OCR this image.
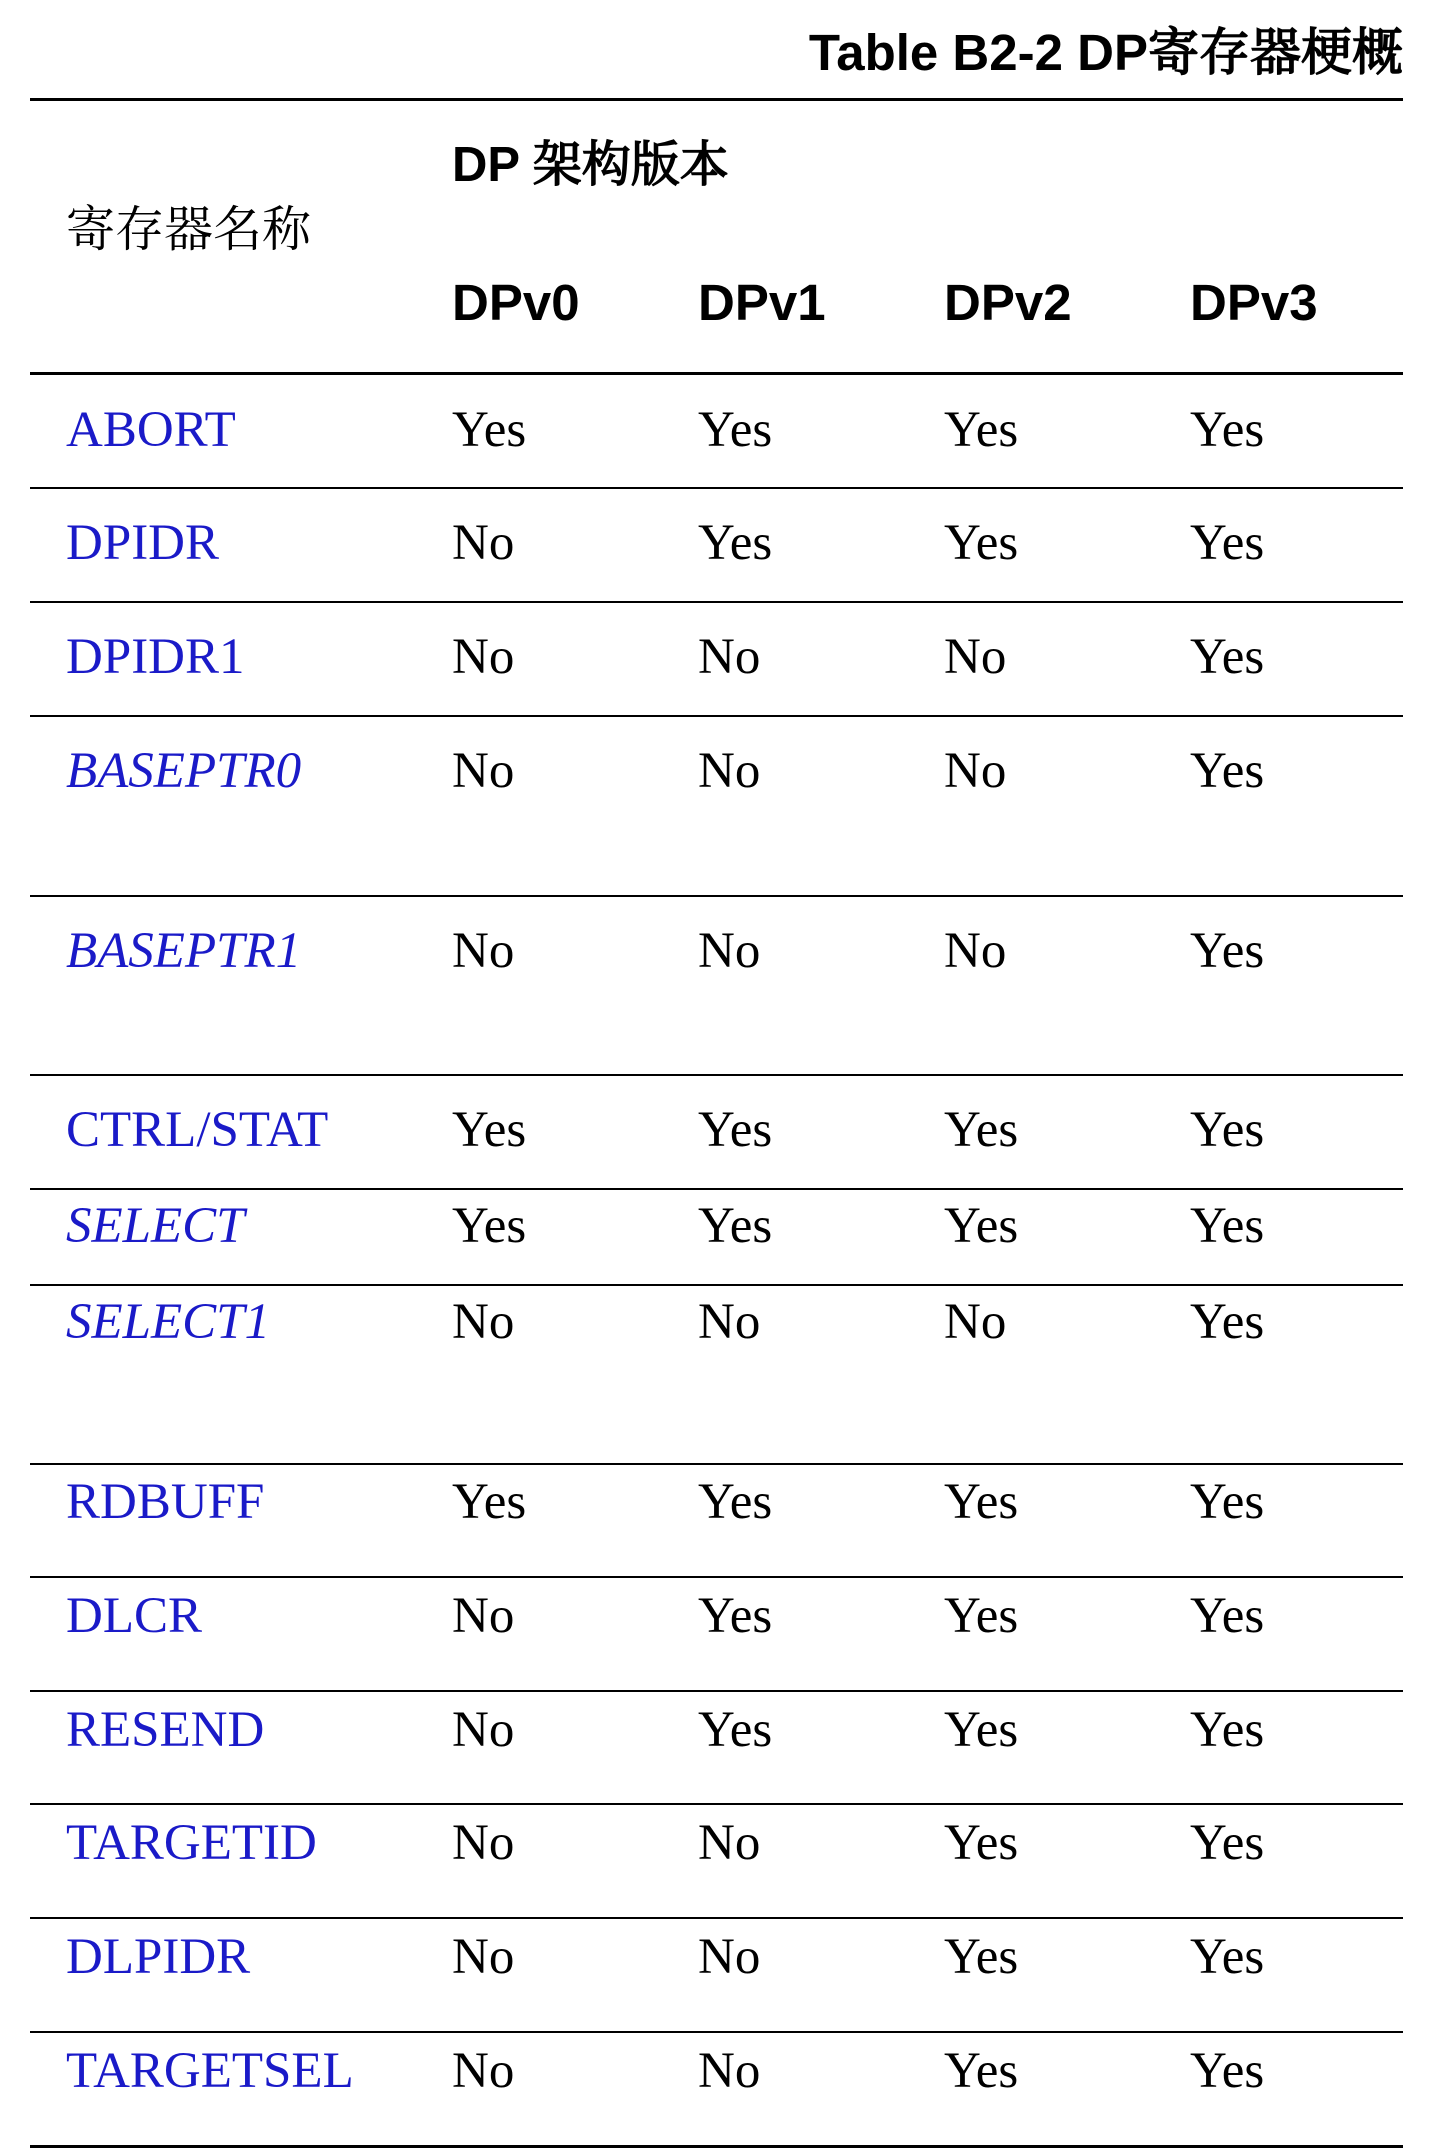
Table B2-2 DP寄存器梗概
DP 架构版本
寄存器名称
DPv0 DPv1 DPv2 DPv3
ABORT	Yes	Yes	Yes	Yes
DPIDR	No	Yes	Yes	Yes
DPIDR1	No	No	No	Yes
BASEPTR0	No	No	No	Yes
BASEPTR1	No	No	No	Yes
CTRL/STAT Yes	Yes	Yes	Yes
SELECT	Yes	Yes	Yes	Yes
SELECT1	No	No	No	Yes
RDBUFF	Yes	Yes	Yes	Yes
DLCR	No	Yes	Yes	Yes
RESEND	No	Yes	Yes	Yes
TARGETID	No	No	Yes	Yes
DLPIDR	No	No	Yes	Yes
TARGETSEL No	No	Yes	Yes
